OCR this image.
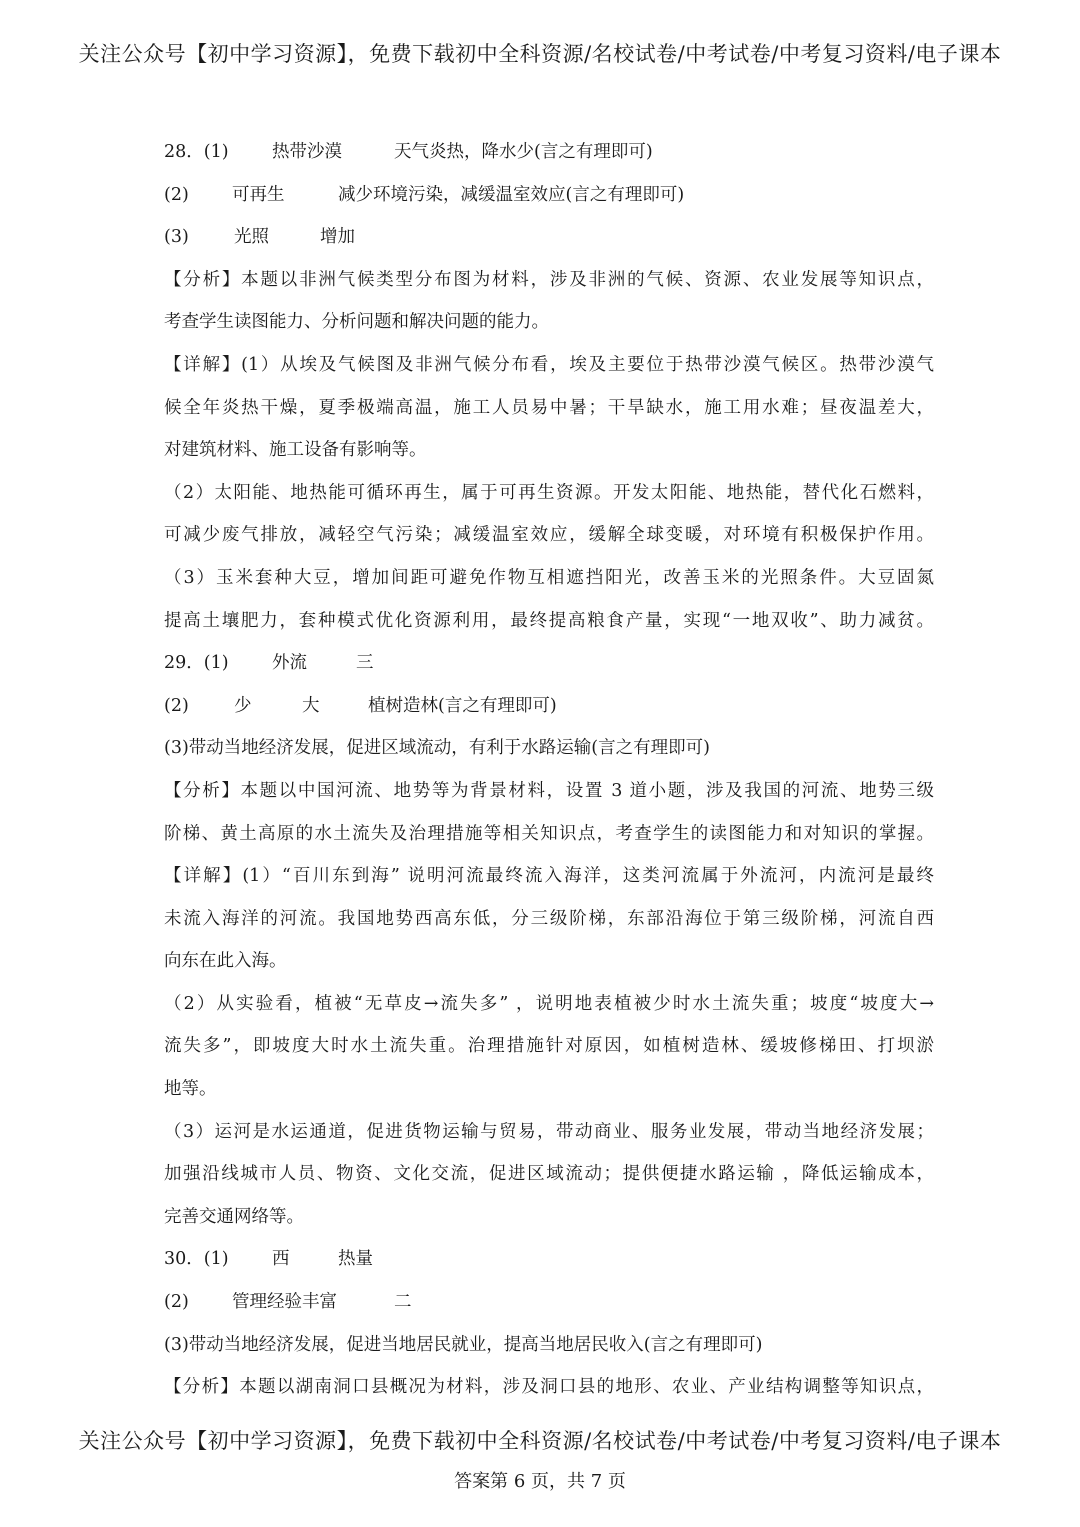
关注公众号【初中学习资源】，免费下载初中全科资源/名校试卷/中考试卷/中考复习资料/电子课本
28．(1) 热带沙漠	天气炎热，降水少(言之有理即可)
(2) 可再生	减少环境污染，减缓温室效应(言之有理即可)
(3)	光照	增加
【分析】本题以非洲气候类型分布图为材料，涉及非洲的气候、资源、农业发展等知识点，
考查学生读图能力、分析问题和解决问题的能力。
【详解】(1）从埃及气候图及非洲气候分布看，埃及主要位于热带沙漠气候区。热带沙漠气
候全年炎热干燥，夏季极端高温，施工人员易中暑；干旱缺水，施工用水难；昼夜温差大，
对建筑材料、施工设备有影响等。
（2）太阳能、地热能可循环再生，属于可再生资源。开发太阳能、地热能，替代化石燃料，
可减少废气排放，减轻空气污染；减缓温室效应，缓解全球变暖，对环境有积极保护作用。
（3）玉米套种大豆，增加间距可避免作物互相遮挡阳光，改善玉米的光照条件。大豆固氮
提高土壤肥力，套种模式优化资源利用，最终提高粮食产量，实现“一地双收”、助力减贫。
29．(1) 外流	三
(2)	少	大	植树造林(言之有理即可)
(3)带动当地经济发展，促进区域流动，有利于水路运输(言之有理即可)
【分析】本题以中国河流、地势等为背景材料，设置 3 道小题，涉及我国的河流、地势三级
阶梯、黄土高原的水土流失及治理措施等相关知识点，考查学生的读图能力和对知识的掌握。
【详解】(1）“百川东到海” 说明河流最终流入海洋，这类河流属于外流河，内流河是最终
未流入海洋的河流。我国地势西高东低，分三级阶梯，东部沿海位于第三级阶梯，河流自西
向东在此入海。
（2）从实验看，植被“无草皮→流失多” ，说明地表植被少时水土流失重；坡度“坡度大→
流失多”，即坡度大时水土流失重。治理措施针对原因，如植树造林、缓坡修梯田、打坝淤
地等。
（3）运河是水运通道，促进货物运输与贸易，带动商业、服务业发展，带动当地经济发展；
加强沿线城市人员、物资、文化交流，促进区域流动；提供便捷水路运输 ，降低运输成本，
完善交通网络等。
30．(1) 西	热量
(2) 管理经验丰富	二
(3)带动当地经济发展，促进当地居民就业，提高当地居民收入(言之有理即可)
【分析】本题以湖南洞口县概况为材料，涉及洞口县的地形、农业、产业结构调整等知识点，
关注公众号【初中学习资源】，免费下载初中全科资源/名校试卷/中考试卷/中考复习资料/电子课本
答案第 6 页，共 7 页
